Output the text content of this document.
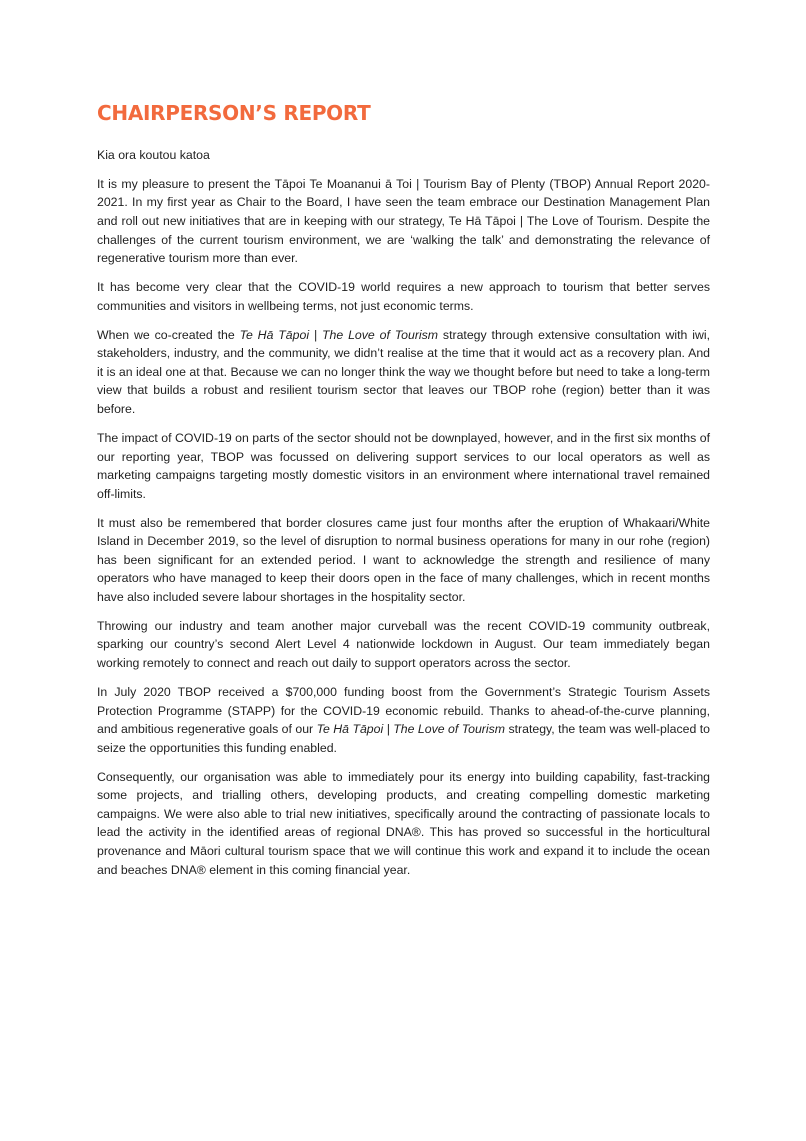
CHAIRPERSON’S REPORT

Kia ora koutou katoa

It is my pleasure to present the Tāpoi Te Moananui ā Toi | Tourism Bay of Plenty (TBOP) Annual Report 2020-2021. In my first year as Chair to the Board, I have seen the team embrace our Destination Management Plan and roll out new initiatives that are in keeping with our strategy, Te Hā Tāpoi | The Love of Tourism. Despite the challenges of the current tourism environment, we are ‘walking the talk’ and demonstrating the relevance of regenerative tourism more than ever.

It has become very clear that the COVID-19 world requires a new approach to tourism that better serves communities and visitors in wellbeing terms, not just economic terms.

When we co-created the Te Hā Tāpoi | The Love of Tourism strategy through extensive consultation with iwi, stakeholders, industry, and the community, we didn’t realise at the time that it would act as a recovery plan. And it is an ideal one at that. Because we can no longer think the way we thought before but need to take a long-term view that builds a robust and resilient tourism sector that leaves our TBOP rohe (region) better than it was before.

The impact of COVID-19 on parts of the sector should not be downplayed, however, and in the first six months of our reporting year, TBOP was focussed on delivering support services to our local operators as well as marketing campaigns targeting mostly domestic visitors in an environment where international travel remained off-limits.

It must also be remembered that border closures came just four months after the eruption of Whakaari/White Island in December 2019, so the level of disruption to normal business operations for many in our rohe (region) has been significant for an extended period. I want to acknowledge the strength and resilience of many operators who have managed to keep their doors open in the face of many challenges, which in recent months have also included severe labour shortages in the hospitality sector.

Throwing our industry and team another major curveball was the recent COVID-19 community outbreak, sparking our country’s second Alert Level 4 nationwide lockdown in August. Our team immediately began working remotely to connect and reach out daily to support operators across the sector.

In July 2020 TBOP received a $700,000 funding boost from the Government’s Strategic Tourism Assets Protection Programme (STAPP) for the COVID-19 economic rebuild. Thanks to ahead-of-the-curve planning, and ambitious regenerative goals of our Te Hā Tāpoi | The Love of Tourism strategy, the team was well-placed to seize the opportunities this funding enabled.

Consequently, our organisation was able to immediately pour its energy into building capability, fast-tracking some projects, and trialling others, developing products, and creating compelling domestic marketing campaigns. We were also able to trial new initiatives, specifically around the contracting of passionate locals to lead the activity in the identified areas of regional DNA®. This has proved so successful in the horticultural provenance and Māori cultural tourism space that we will continue this work and expand it to include the ocean and beaches DNA® element in this coming financial year.
